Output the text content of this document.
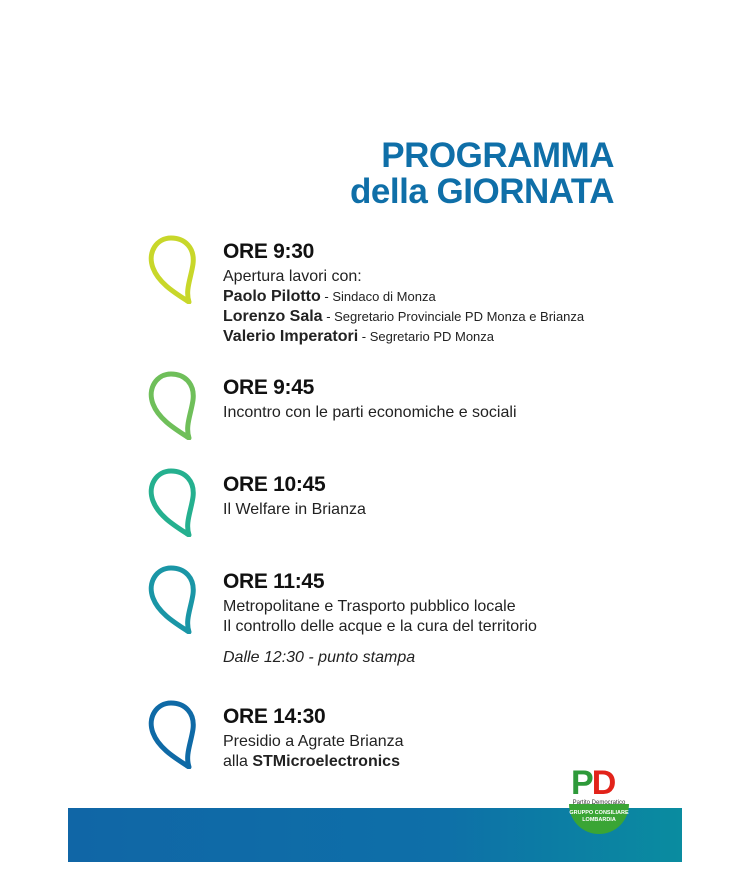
PROGRAMMA
della GIORNATA
ORE 9:30
Apertura lavori con:
Paolo Pilotto - Sindaco di Monza
Lorenzo Sala - Segretario Provinciale PD Monza e Brianza
Valerio Imperatori - Segretario PD Monza
ORE 9:45
Incontro con le parti economiche e sociali
ORE 10:45
Il Welfare in Brianza
ORE 11:45
Metropolitane e Trasporto pubblico locale
Il controllo delle acque e la cura del territorio
Dalle 12:30 - punto stampa
ORE 14:30
Presidio a Agrate Brianza
alla STMicroelectronics
PD
Partito Democratico
GRUPPO CONSILIARE
LOMBARDIA
